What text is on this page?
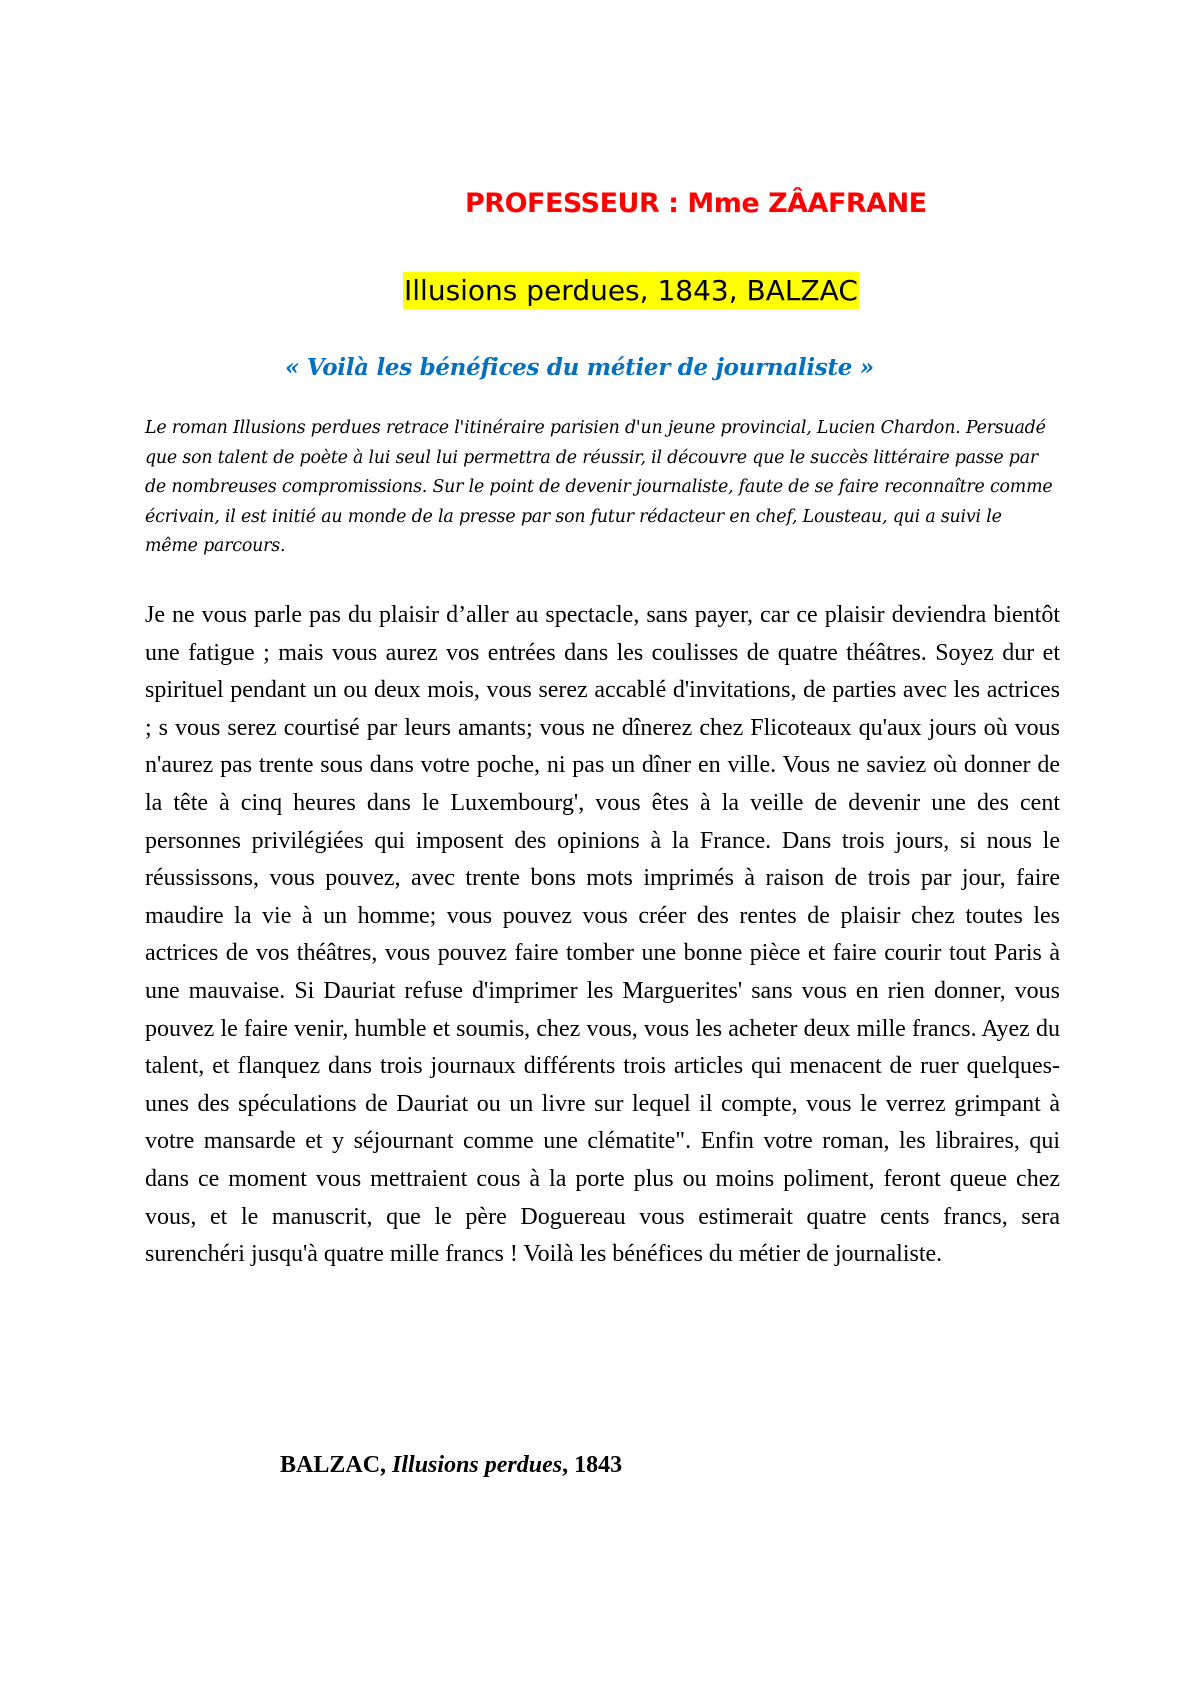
PROFESSEUR : Mme ZÂAFRANE
Illusions perdues, 1843, BALZAC
« Voilà les bénéfices du métier de journaliste »
Le roman Illusions perdues retrace l'itinéraire parisien d'un jeune provincial, Lucien Chardon. Persuadé que son talent de poète à lui seul lui permettra de réussir, il découvre que le succès littéraire passe par de nombreuses compromissions. Sur le point de devenir journaliste, faute de se faire reconnaître comme écrivain, il est initié au monde de la presse par son futur rédacteur en chef, Lousteau, qui a suivi le même parcours.
Je ne vous parle pas du plaisir d’aller au spectacle, sans payer, car ce plaisir deviendra bientôt une fatigue ; mais vous aurez vos entrées dans les coulisses de quatre théâtres. Soyez dur et spirituel pendant un ou deux mois, vous serez accablé d'invitations, de parties avec les actrices ; s vous serez courtisé par leurs amants; vous ne dînerez chez Flicoteaux qu'aux jours où vous n'aurez pas trente sous dans votre poche, ni pas un dîner en ville. Vous ne saviez où donner de la tête à cinq heures dans le Luxembourg', vous êtes à la veille de devenir une des cent personnes privilégiées qui imposent des opinions à la France. Dans trois jours, si nous le réussissons, vous pouvez, avec trente bons mots imprimés à raison de trois par jour, faire maudire la vie à un homme; vous pouvez vous créer des rentes de plaisir chez toutes les actrices de vos théâtres, vous pouvez faire tomber une bonne pièce et faire courir tout Paris à une mauvaise. Si Dauriat refuse d'imprimer les Marguerites' sans vous en rien donner, vous pouvez le faire venir, humble et soumis, chez vous, vous les acheter deux mille francs. Ayez du talent, et flanquez dans trois journaux différents trois articles qui menacent de ruer quelques-unes des spéculations de Dauriat ou un livre sur lequel il compte, vous le verrez grimpant à votre mansarde et y séjournant comme une clématite". Enfin votre roman, les libraires, qui dans ce moment vous mettraient cous à la porte plus ou moins poliment, feront queue chez vous, et le manuscrit, que le père Doguereau vous estimerait quatre cents francs, sera surenchéri jusqu'à quatre mille francs ! Voilà les bénéfices du métier de journaliste.
BALZAC, Illusions perdues, 1843
